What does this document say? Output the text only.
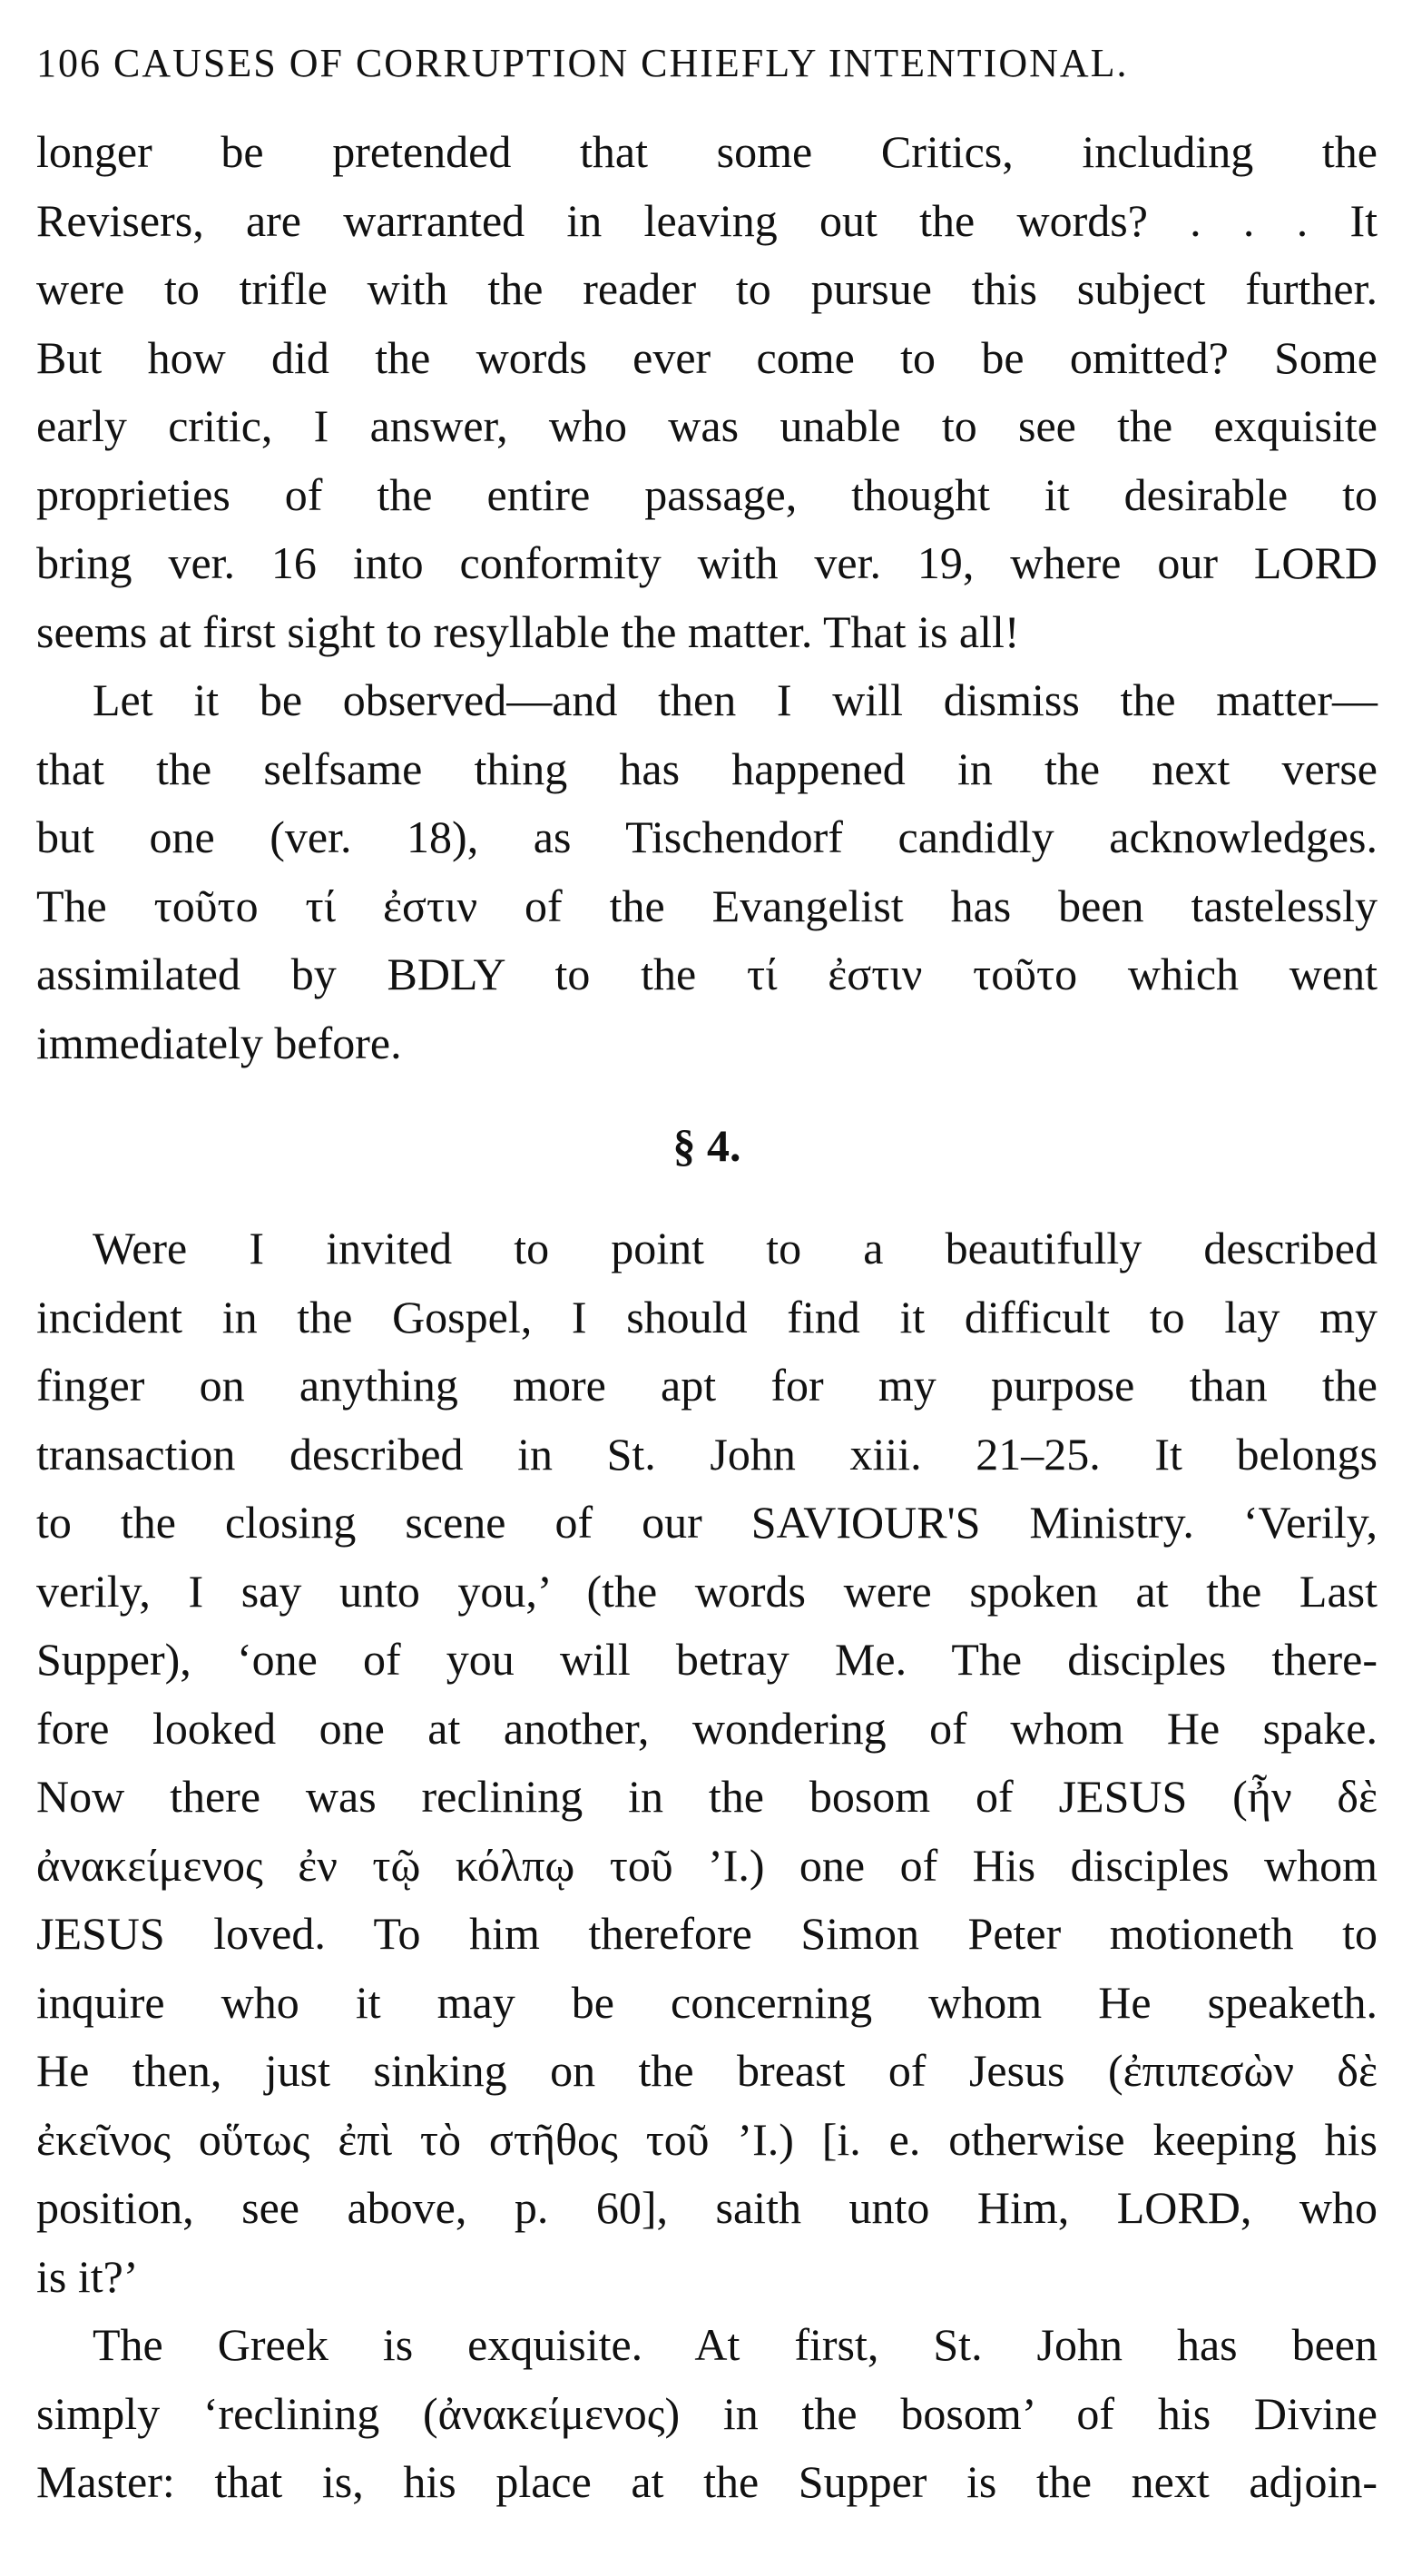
106 CAUSES OF CORRUPTION CHIEFLY INTENTIONAL.
longer be pretended that some Critics, including the
Revisers, are warranted in leaving out the words? . . . It
were to trifle with the reader to pursue this subject further.
But how did the words ever come to be omitted? Some
early critic, I answer, who was unable to see the exquisite
proprieties of the entire passage, thought it desirable to
bring ver. 16 into conformity with ver. 19, where our LORD
seems at first sight to resyllable the matter. That is all!
Let it be observed—and then I will dismiss the matter—
that the selfsame thing has happened in the next verse
but one (ver. 18), as Tischendorf candidly acknowledges.
The τοῦτο τί ἐστιν of the Evangelist has been tastelessly
assimilated by BDLY to the τί ἐστιν τοῦτο which went
immediately before.
§ 4.
Were I invited to point to a beautifully described
incident in the Gospel, I should find it difficult to lay my
finger on anything more apt for my purpose than the
transaction described in St. John xiii. 21–25. It belongs
to the closing scene of our SAVIOUR'S Ministry. ‘Verily,
verily, I say unto you,’ (the words were spoken at the Last
Supper), ‘one of you will betray Me. The disciples there-
fore looked one at another, wondering of whom He spake.
Now there was reclining in the bosom of JESUS (ἦν δὲ
ἀνακείμενος ἐν τῷ κόλπῳ τοῦ ’I.) one of His disciples whom
JESUS loved. To him therefore Simon Peter motioneth to
inquire who it may be concerning whom He speaketh.
He then, just sinking on the breast of Jesus (ἐπιπεσὼν δὲ
ἐκεῖνος οὕτως ἐπὶ τὸ στῆθος τοῦ ’I.) [i. e. otherwise keeping his
position, see above, p. 60], saith unto Him, LORD, who
is it?’
The Greek is exquisite. At first, St. John has been
simply ‘reclining (ἀνακείμενος) in the bosom’ of his Divine
Master: that is, his place at the Supper is the next adjoin-
